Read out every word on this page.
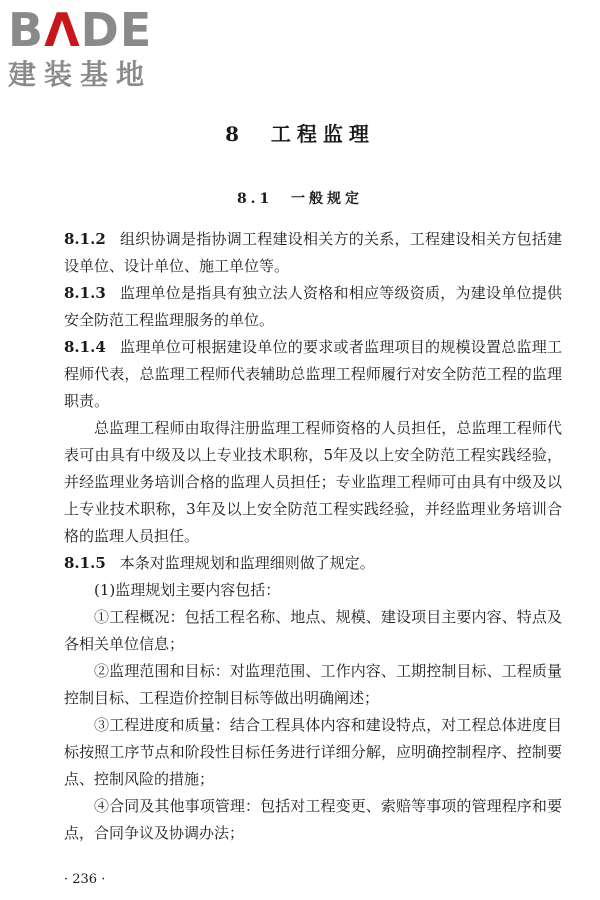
BΛDE
建装基地
8 工程监理
8.1 一般规定

8.1.2 组织协调是指协调工程建设相关方的关系，工程建设相关方包括建设单位、设计单位、施工单位等。

8.1.3 监理单位是指具有独立法人资格和相应等级资质，为建设单位提供安全防范工程监理服务的单位。

8.1.4 监理单位可根据建设单位的要求或者监理项目的规模设置总监理工程师代表，总监理工程师代表辅助总监理工程师履行对安全防范工程的监理职责。

总监理工程师由取得注册监理工程师资格的人员担任，总监理工程师代表可由具有中级及以上专业技术职称，5年及以上安全防范工程实践经验，并经监理业务培训合格的监理人员担任；专业监理工程师可由具有中级及以上专业技术职称，3年及以上安全防范工程实践经验，并经监理业务培训合格的监理人员担任。

8.1.5 本条对监理规划和监理细则做了规定。

(1)监理规划主要内容包括：

①工程概况：包括工程名称、地点、规模、建设项目主要内容、特点及各相关单位信息；

②监理范围和目标：对监理范围、工作内容、工期控制目标、工程质量控制目标、工程造价控制目标等做出明确阐述；

③工程进度和质量：结合工程具体内容和建设特点，对工程总体进度目标按照工序节点和阶段性目标任务进行详细分解，应明确控制程序、控制要点、控制风险的措施；

④合同及其他事项管理：包括对工程变更、索赔等事项的管理程序和要点，合同争议及协调办法；

· 236 ·
